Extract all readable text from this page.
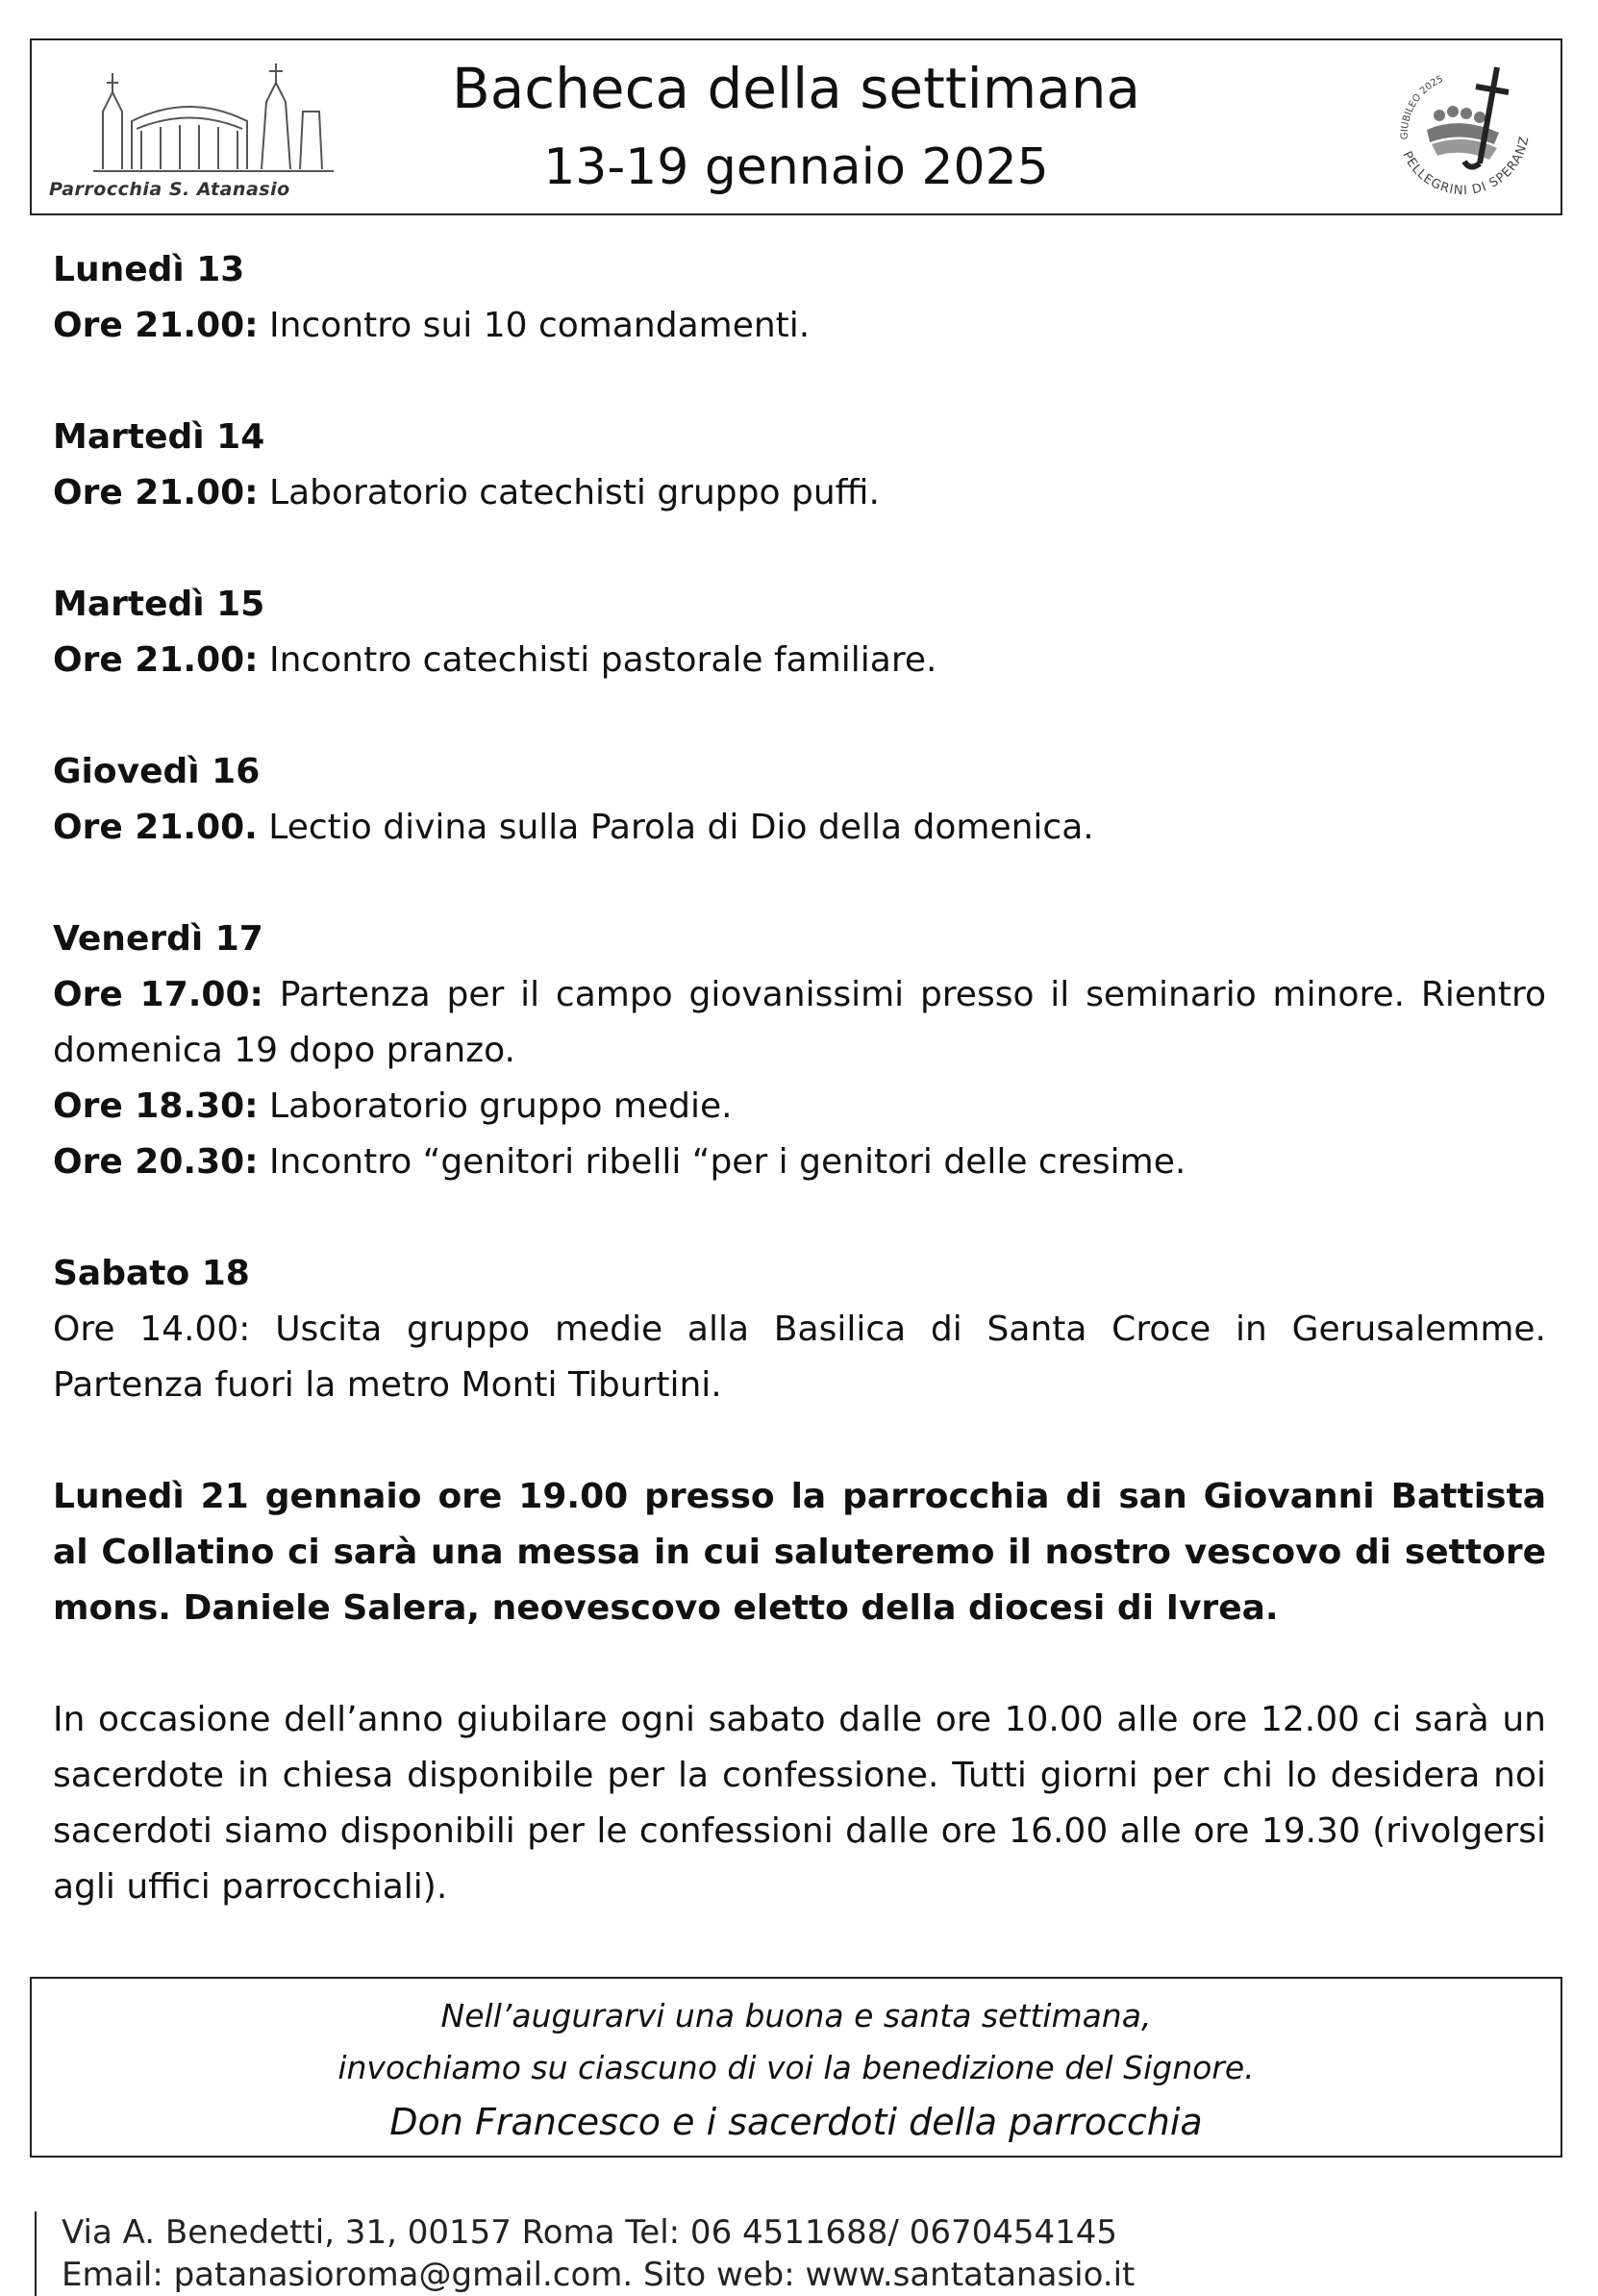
Parrocchia S. Atanasio
Bacheca della settimana
13-19 gennaio 2025
GIUBILEO 2025
PELLEGRINI DI SPERANZ
Lunedì 13
Ore 21.00: Incontro sui 10 comandamenti.
Martedì 14
Ore 21.00: Laboratorio catechisti gruppo puffi.
Martedì 15
Ore 21.00: Incontro catechisti pastorale familiare.
Giovedì 16
Ore 21.00. Lectio divina sulla Parola di Dio della domenica.
Venerdì 17
Ore 17.00: Partenza per il campo giovanissimi presso il seminario minore. Rientro domenica 19 dopo pranzo.
Ore 18.30: Laboratorio gruppo medie.
Ore 20.30: Incontro “genitori ribelli “per i genitori delle cresime.
Sabato 18
Ore 14.00: Uscita gruppo medie alla Basilica di Santa Croce in Gerusalemme. Partenza fuori la metro Monti Tiburtini.
Lunedì 21 gennaio ore 19.00 presso la parrocchia di san Giovanni Battista al Collatino ci sarà una messa in cui saluteremo il nostro vescovo di settore mons. Daniele Salera, neovescovo eletto della diocesi di Ivrea.
In occasione dell’anno giubilare ogni sabato dalle ore 10.00 alle ore 12.00 ci sarà un sacerdote in chiesa disponibile per la confessione. Tutti giorni per chi lo desidera noi sacerdoti siamo disponibili per le confessioni dalle ore 16.00 alle ore 19.30 (rivolgersi agli uffici parrocchiali).
Nell’augurarvi una buona e santa settimana,
invochiamo su ciascuno di voi la benedizione del Signore.
Don Francesco e i sacerdoti della parrocchia
Via A. Benedetti, 31, 00157 Roma Tel: 06 4511688/ 0670454145
Email: patanasioroma@gmail.com. Sito web: www.santatanasio.it
